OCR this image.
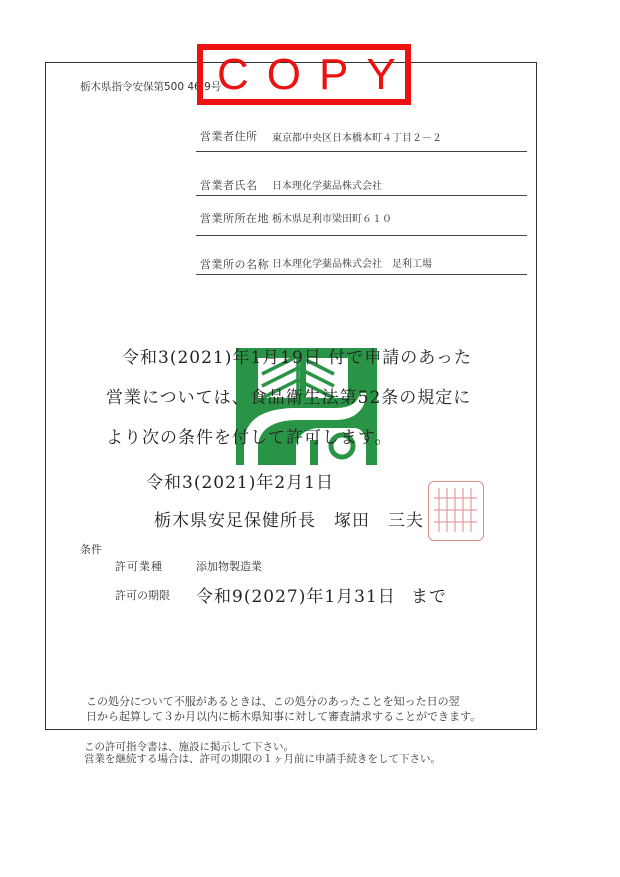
栃木県指令安保第500 46 9号
COPY
営業者住所 東京都中央区日本橋本町４丁目２－２
営業者氏名 日本理化学薬品株式会社
営業所所在地 栃木県足利市梁田町６１０
営業所の名称 日本理化学薬品株式会社　足利工場
令和3(2021)年1月19日 付で申請のあった
営業については、食品衛生法第52条の規定に
より次の条件を付して許可します。
令和3(2021)年2月1日
栃木県安足保健所長　塚田　三夫
条件
許可業種	添加物製造業
許可の期限 令和9(2027)年1月31日 まで
この処分について不服があるときは、この処分のあったことを知った日の翌
日から起算して３か月以内に栃木県知事に対して審査請求することができます。
この許可指令書は、施設に掲示して下さい。
営業を継続する場合は、許可の期限の１ヶ月前に申請手続きをして下さい。
